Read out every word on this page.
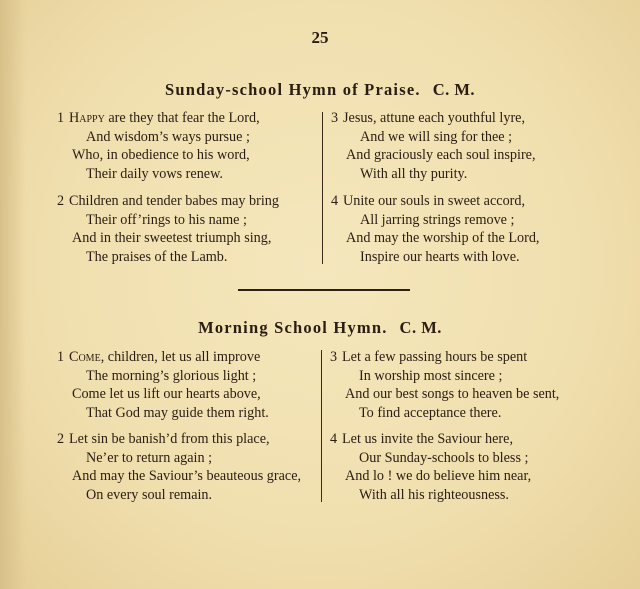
25
Sunday-school Hymn of Praise. C. M.
1 Happy are they that fear the Lord,
And wisdom’s ways pursue ;
Who, in obedience to his word,
Their daily vows renew.
2 Children and tender babes may bring
Their off’rings to his name ;
And in their sweetest triumph sing,
The praises of the Lamb.
3 Jesus, attune each youthful lyre,
And we will sing for thee ;
And graciously each soul inspire,
With all thy purity.
4 Unite our souls in sweet accord,
All jarring strings remove ;
And may the worship of the Lord,
Inspire our hearts with love.
Morning School Hymn. C. M.
1 Come, children, let us all improve
The morning’s glorious light ;
Come let us lift our hearts above,
That God may guide them right.
2 Let sin be banish’d from this place,
Ne’er to return again ;
And may the Saviour’s beauteous grace,
On every soul remain.
3 Let a few passing hours be spent
In worship most sincere ;
And our best songs to heaven be sent,
To find acceptance there.
4 Let us invite the Saviour here,
Our Sunday-schools to bless ;
And lo ! we do believe him near,
With all his righteousness.
